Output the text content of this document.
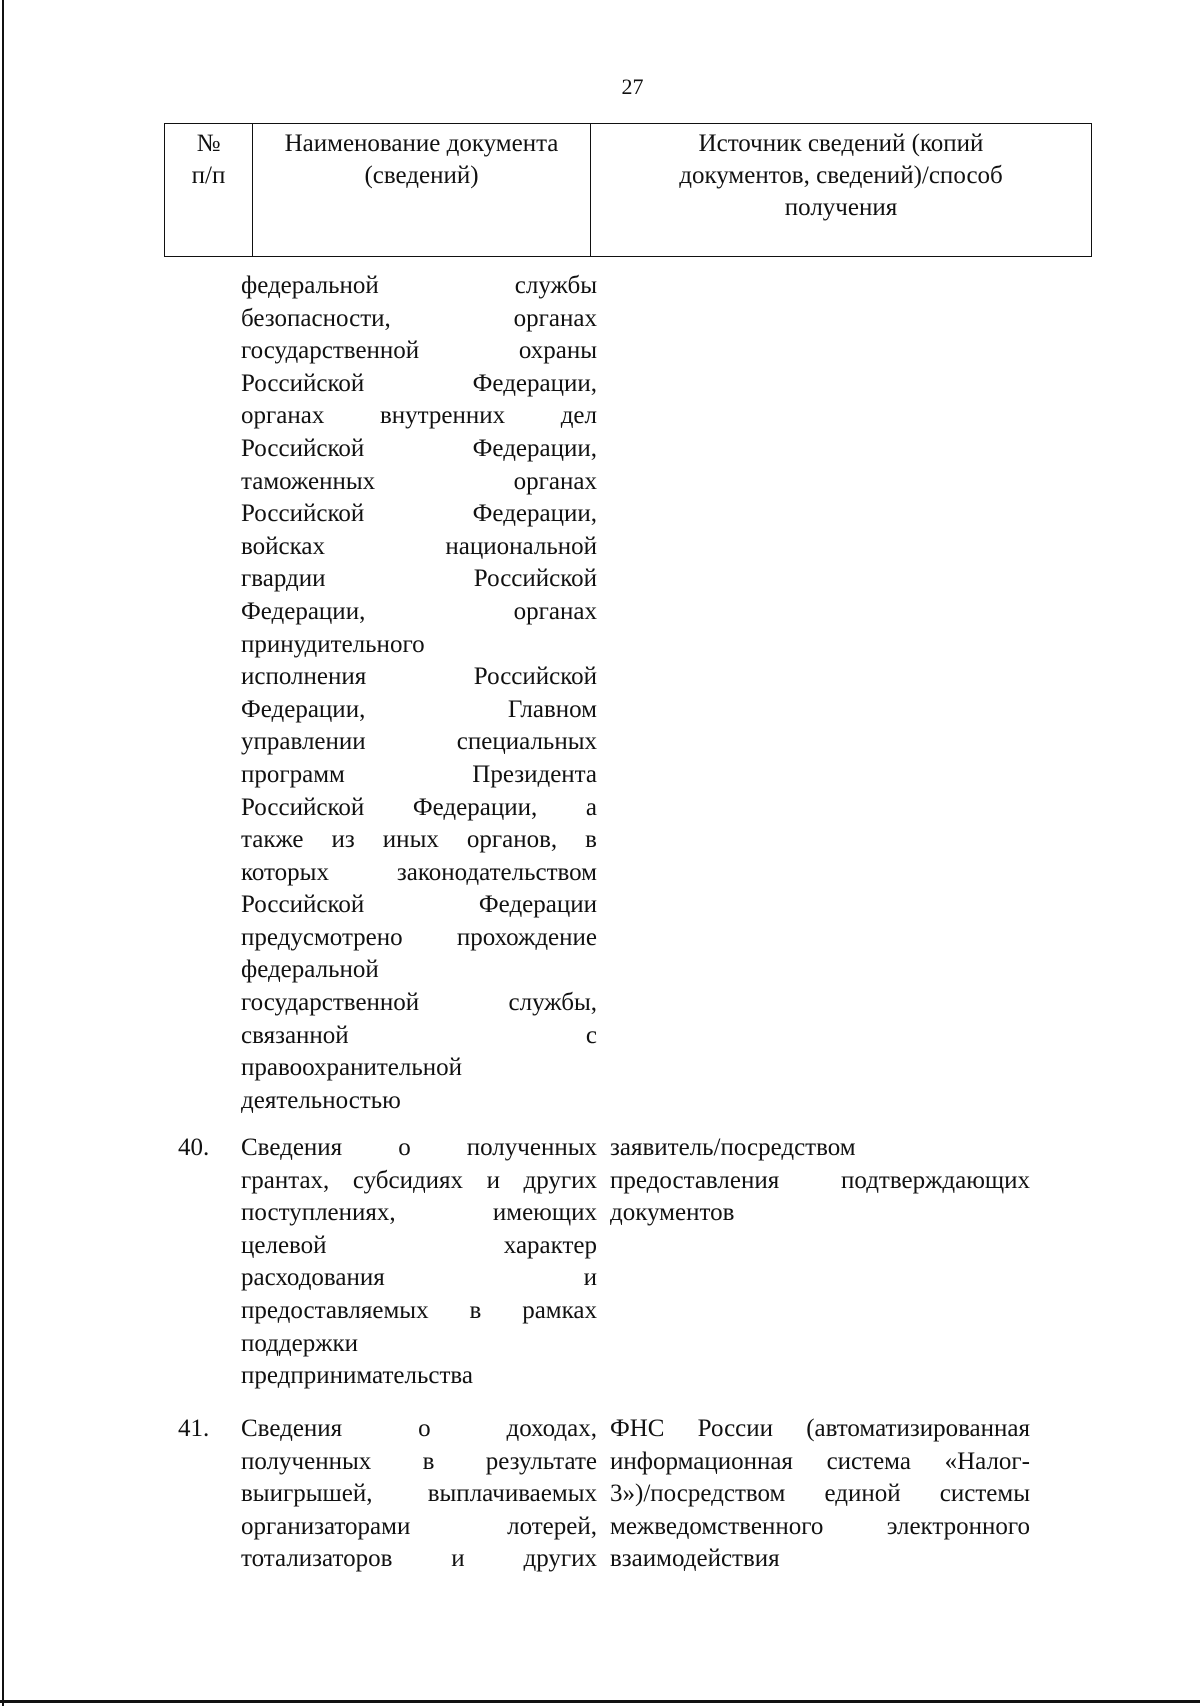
27
№
п/п
Наименование документа
(сведений)
Источник сведений (копий
документов, сведений)/способ
получения
федеральной службы
безопасности, органах
государственной охраны
Российской Федерации,
органах внутренних дел
Российской Федерации,
таможенных органах
Российской Федерации,
войсках национальной
гвардии Российской
Федерации, органах
принудительного
исполнения Российской
Федерации, Главном
управлении специальных
программ Президента
Российской Федерации, а
также из иных органов, в
которых законодательством
Российской Федерации
предусмотрено прохождение
федеральной
государственной службы,
связанной с
правоохранительной
деятельностью
40. Сведения о полученных
грантах, субсидиях и других
поступлениях, имеющих
целевой характер
расходования и
предоставляемых в рамках
поддержки
предпринимательства
заявитель/посредством
предоставления подтверждающих
документов
41. Сведения о доходах,
полученных в результате
выигрышей, выплачиваемых
организаторами лотерей,
тотализаторов и других
ФНС России (автоматизированная
информационная система «Налог-
3»)/посредством единой системы
межведомственного электронного
взаимодействия
